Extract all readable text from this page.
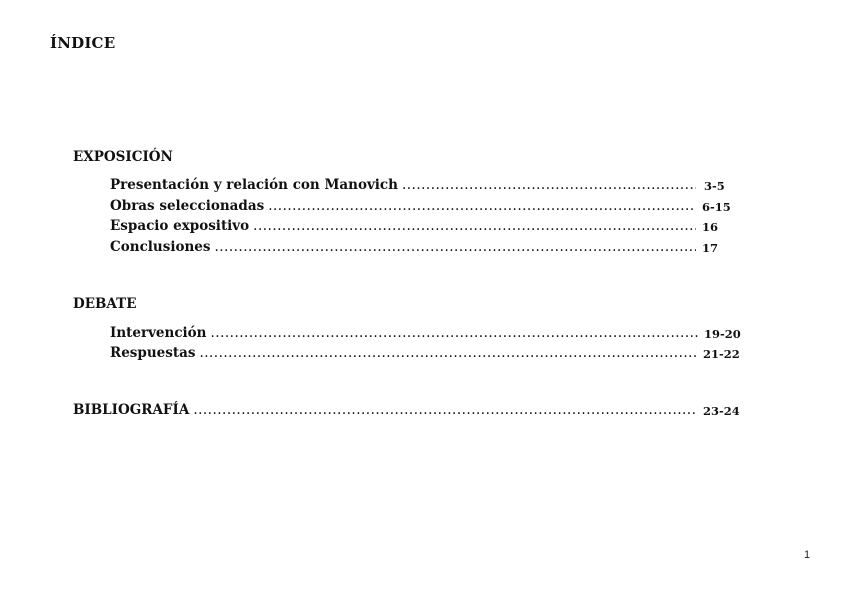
ÍNDICE
EXPOSICIÓN
Presentación y relación con Manovich .....	3-5
Obras seleccionadas .....	6-15
Espacio expositivo .....	16
Conclusiones .....	17
DEBATE
Intervención .....	19-20
Respuestas .....	21-22
BIBLIOGRAFÍA .....	23-24
1
